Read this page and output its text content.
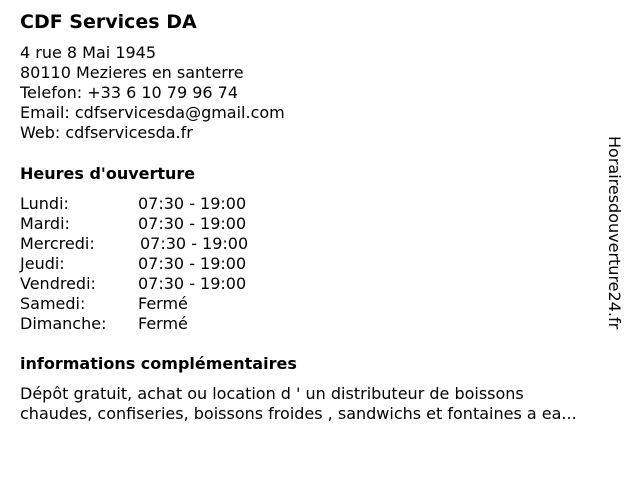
CDF Services DA
4 rue 8 Mai 1945
80110 Mezieres en santerre
Telefon: +33 6 10 79 96 74
Email: cdfservicesda@gmail.com
Web: cdfservicesda.fr
Heures d'ouverture
Lundi:	07:30 - 19:00
Mardi:	07:30 - 19:00
Mercredi:	07:30 - 19:00
Jeudi:	07:30 - 19:00
Vendredi:	07:30 - 19:00
Samedi:	Fermé
Dimanche: Fermé
informations complémentaires
Dépôt gratuit, achat ou location d ' un distributeur de boissons
chaudes, confiseries, boissons froides , sandwichs et fontaines a ea...
Horairesdouverture24.fr
